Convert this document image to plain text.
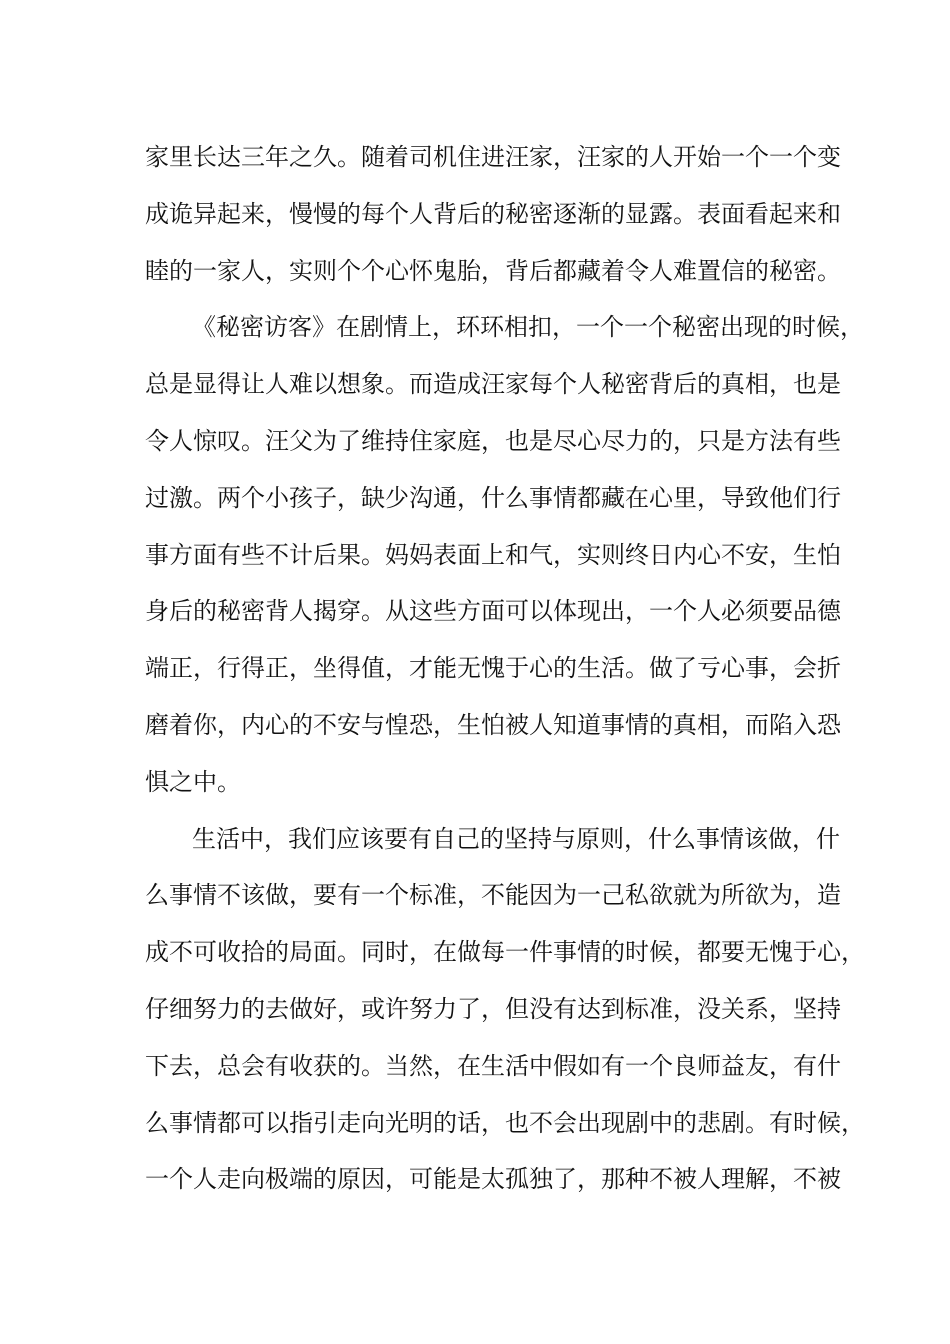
家里长达三年之久。随着司机住进汪家，汪家的人开始一个一个变
成诡异起来，慢慢的每个人背后的秘密逐渐的显露。表面看起来和
睦的一家人，实则个个心怀鬼胎，背后都藏着令人难置信的秘密。
《秘密访客》在剧情上，环环相扣，一个一个秘密出现的时候，
总是显得让人难以想象。而造成汪家每个人秘密背后的真相，也是
令人惊叹。汪父为了维持住家庭，也是尽心尽力的，只是方法有些
过激。两个小孩子，缺少沟通，什么事情都藏在心里，导致他们行
事方面有些不计后果。妈妈表面上和气，实则终日内心不安，生怕
身后的秘密背人揭穿。从这些方面可以体现出，一个人必须要品德
端正，行得正，坐得值，才能无愧于心的生活。做了亏心事，会折
磨着你，内心的不安与惶恐，生怕被人知道事情的真相，而陷入恐
惧之中。
生活中，我们应该要有自己的坚持与原则，什么事情该做，什
么事情不该做，要有一个标准，不能因为一己私欲就为所欲为，造
成不可收拾的局面。同时，在做每一件事情的时候，都要无愧于心，
仔细努力的去做好，或许努力了，但没有达到标准，没关系，坚持
下去，总会有收获的。当然，在生活中假如有一个良师益友，有什
么事情都可以指引走向光明的话，也不会出现剧中的悲剧。有时候，
一个人走向极端的原因，可能是太孤独了，那种不被人理解，不被
